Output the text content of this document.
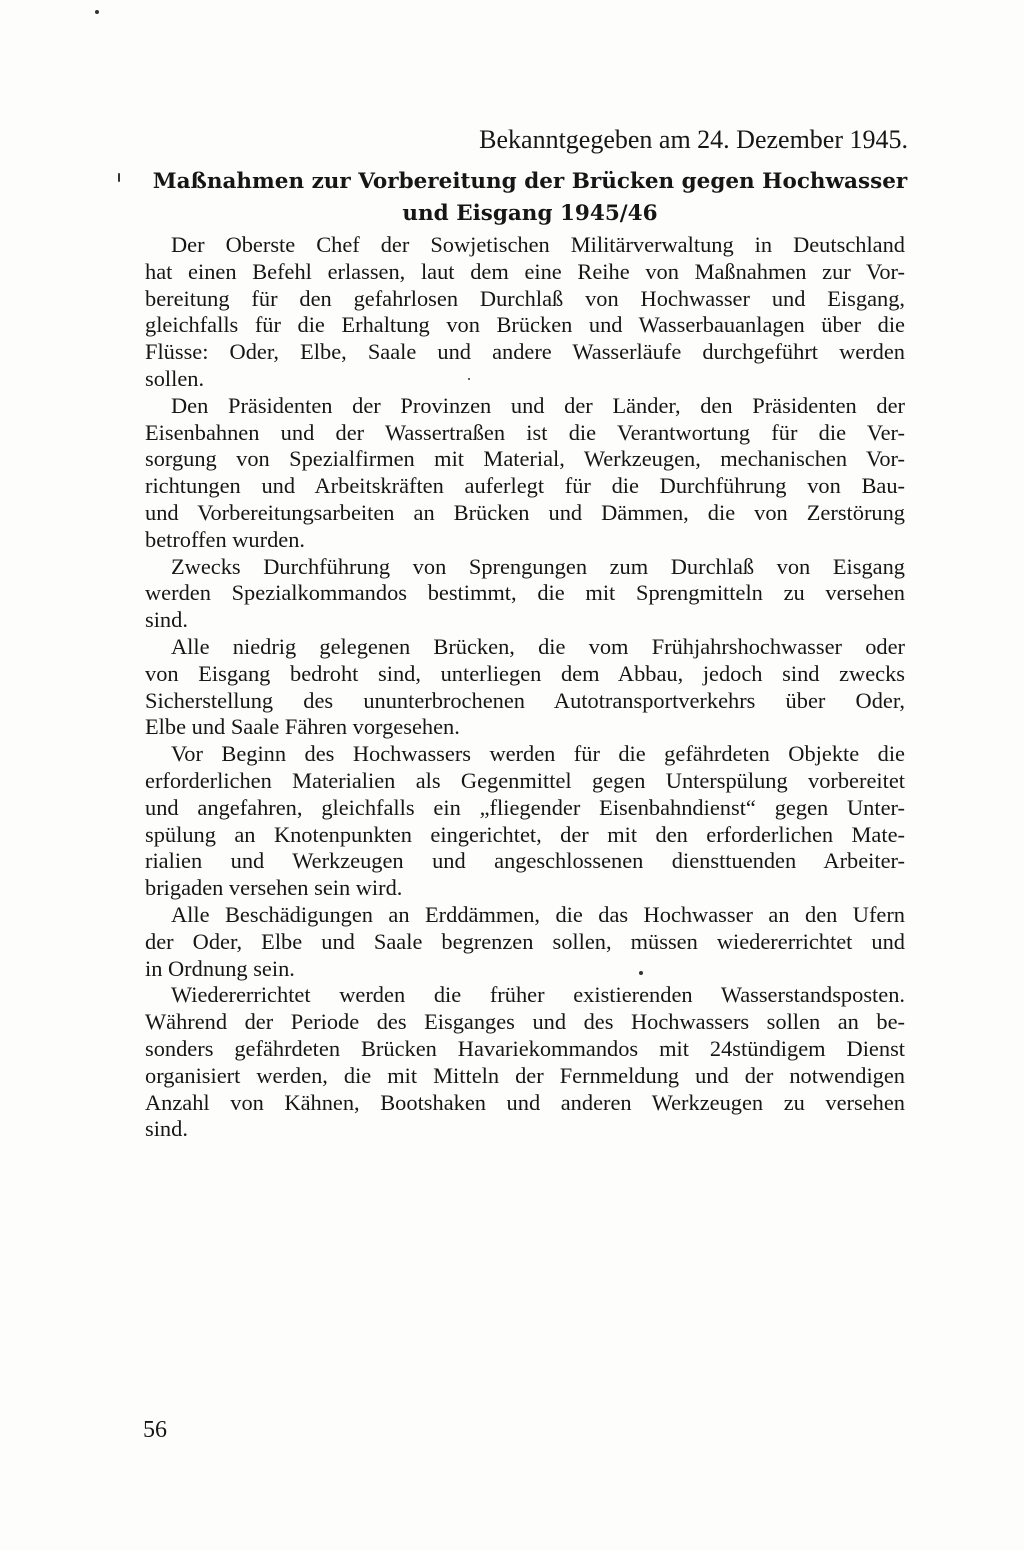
Bekanntgegeben am 24. Dezember 1945.

Maßnahmen zur Vorbereitung der Brücken gegen Hochwasser
und Eisgang 1945/46
Der Oberste Chef der Sowjetischen Militärverwaltung in Deutschland
hat einen Befehl erlassen, laut dem eine Reihe von Maßnahmen zur Vor-
bereitung für den gefahrlosen Durchlaß von Hochwasser und Eisgang,
gleichfalls für die Erhaltung von Brücken und Wasserbauanlagen über die
Flüsse: Oder, Elbe, Saale und andere Wasserläufe durchgeführt werden
sollen.
Den Präsidenten der Provinzen und der Länder, den Präsidenten der
Eisenbahnen und der Wassertraßen ist die Verantwortung für die Ver-
sorgung von Spezialfirmen mit Material, Werkzeugen, mechanischen Vor-
richtungen und Arbeitskräften auferlegt für die Durchführung von Bau-
und Vorbereitungsarbeiten an Brücken und Dämmen, die von Zerstörung
betroffen wurden.
Zwecks Durchführung von Sprengungen zum Durchlaß von Eisgang
werden Spezialkommandos bestimmt, die mit Sprengmitteln zu versehen
sind.
Alle niedrig gelegenen Brücken, die vom Frühjahrshochwasser oder
von Eisgang bedroht sind, unterliegen dem Abbau, jedoch sind zwecks
Sicherstellung des ununterbrochenen Autotransportverkehrs über Oder,
Elbe und Saale Fähren vorgesehen.
Vor Beginn des Hochwassers werden für die gefährdeten Objekte die
erforderlichen Materialien als Gegenmittel gegen Unterspülung vorbereitet
und angefahren, gleichfalls ein „fliegender Eisenbahndienst“ gegen Unter-
spülung an Knotenpunkten eingerichtet, der mit den erforderlichen Mate-
rialien und Werkzeugen und angeschlossenen diensttuenden Arbeiter-
brigaden versehen sein wird.
Alle Beschädigungen an Erddämmen, die das Hochwasser an den Ufern
der Oder, Elbe und Saale begrenzen sollen, müssen wiedererrichtet und
in Ordnung sein.
Wiedererrichtet werden die früher existierenden Wasserstandsposten.
Während der Periode des Eisganges und des Hochwassers sollen an be-
sonders gefährdeten Brücken Havariekommandos mit 24stündigem Dienst
organisiert werden, die mit Mitteln der Fernmeldung und der notwendigen
Anzahl von Kähnen, Bootshaken und anderen Werkzeugen zu versehen
sind.

56
